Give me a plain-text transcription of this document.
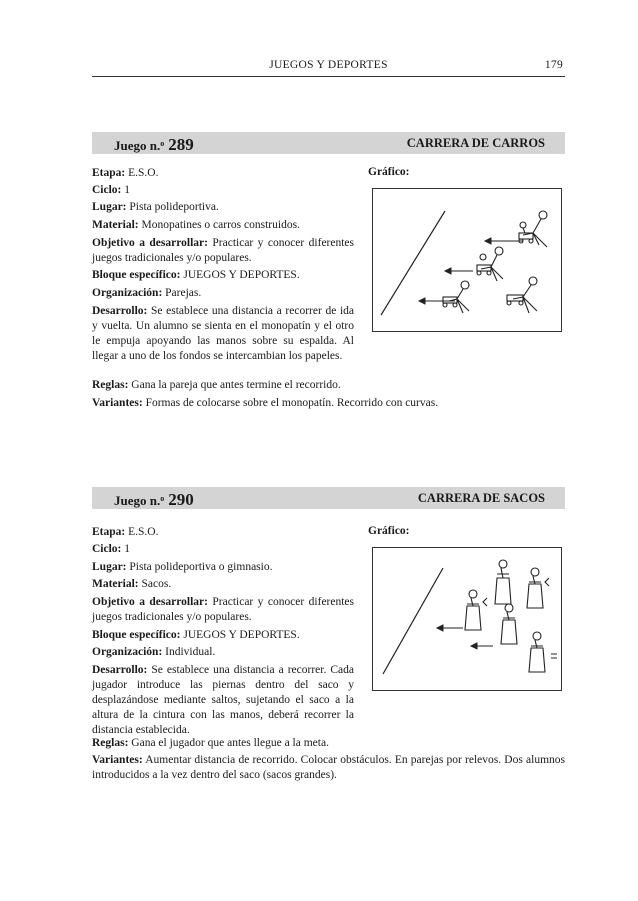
JUEGOS Y DEPORTES	179
Juego n.$^o$ 289	CARRERA DE CARROS
Etapa: E.S.O.	Gráfico:
Ciclo: 1
Lugar: Pista polideportiva.
Material: Monopatines o carros construidos.
Objetivo a desarrollar: Practicar y conocer diferentes juegos tradicionales y/o populares.
Bloque específico: JUEGOS Y DEPORTES.
Organización: Parejas.
Desarrollo: Se establece una distancia a recorrer de ida y vuelta. Un alumno se sienta en el monopatín y el otro le empuja apoyando las manos sobre su espalda. Al llegar a uno de los fondos se intercambian los papeles.
Reglas: Gana la pareja que antes termine el recorrido.
Variantes: Formas de colocarse sobre el monopatín. Recorrido con curvas.
Juego n.$^o$ 290	CARRERA DE SACOS
Etapa: E.S.O.	Gráfico:
Ciclo: 1
Lugar: Pista polideportiva o gimnasio.
Material: Sacos.
Objetivo a desarrollar: Practicar y conocer diferentes juegos tradicionales y/o populares.
Bloque específico: JUEGOS Y DEPORTES.
Organización: Individual.
Desarrollo: Se establece una distancia a recorrer. Cada jugador introduce las piernas dentro del saco y desplazándose mediante saltos, sujetando el saco a la altura de la cintura con las manos, deberá recorrer la distancia establecida.
Reglas: Gana el jugador que antes llegue a la meta.
Variantes: Aumentar distancia de recorrido. Colocar obstáculos. En parejas por relevos. Dos alumnos introducidos a la vez dentro del saco (sacos grandes).
